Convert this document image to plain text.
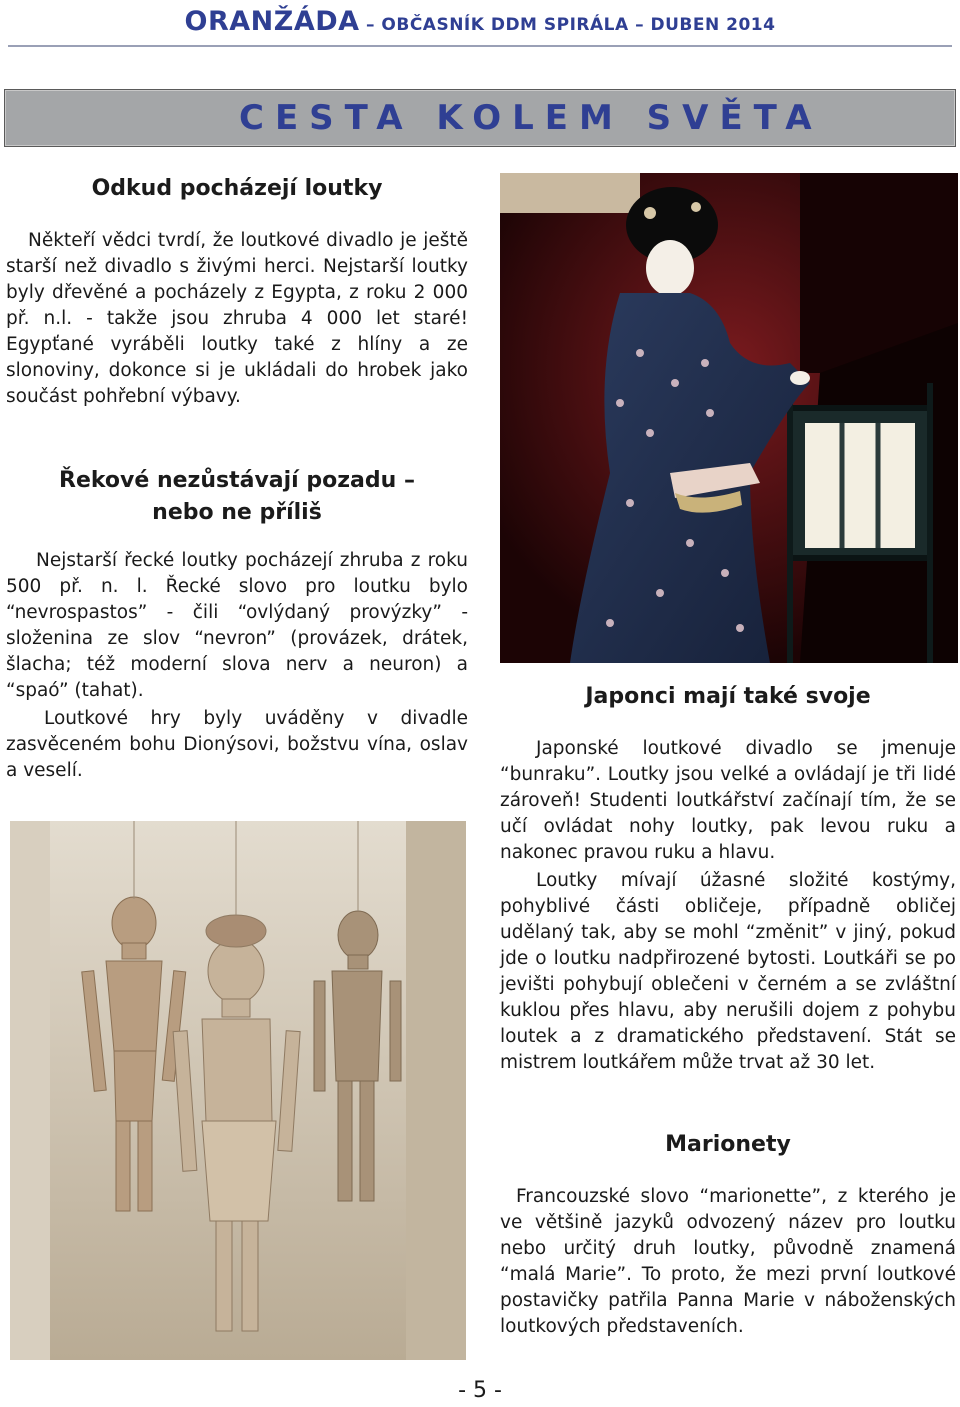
ORANŽÁDA – OBČASNÍK DDM SPIRÁLA – DUBEN 2014
CESTA KOLEM SVĚTA
Odkud pocházejí loutky

Někteří vědci tvrdí, že loutkové divadlo je ještě starší než divadlo s živými herci. Nejstarší loutky byly dřevěné a pocházely z Egypta, z roku 2 000 př. n.l. - takže jsou zhruba 4 000 let staré! Egypťané vyráběli loutky také z hlíny a ze slonoviny, dokonce si je ukládali do hrobek jako součást pohřební výbavy.

Řekové nezůstávají pozadu –
nebo ne příliš

Nejstarší řecké loutky pocházejí zhruba z roku 500 př. n. l. Řecké slovo pro loutku bylo “nevrospastos” - čili “ovlýdaný provýzky” - složenina ze slov “nevron” (provázek, drátek, šlacha; též moderní slova nerv a neuron) a “spaó” (tahat).

Loutkové hry byly uváděny v divadle zasvěceném bohu Dionýsovi, božstvu vína, oslav a veselí.

Japonci mají také svoje

Japonské loutkové divadlo se jmenuje “bunraku”. Loutky jsou velké a ovládají je tři lidé zároveň! Studenti loutkářství začínají tím, že se učí ovládat nohy loutky, pak levou ruku a nakonec pravou ruku a hlavu.

Loutky mívají úžasné složité kostýmy, pohyblivé části obličeje, případně obličej udělaný tak, aby se mohl “změnit” v jiný, pokud jde o loutku nadpřirozené bytosti. Loutkáři se po jevišti pohybují oblečeni v černém a se zvláštní kuklou přes hlavu, aby nerušili dojem z pohybu loutek a z dramatického představení. Stát se mistrem loutkářem může trvat až 30 let.

Marionety

Francouzské slovo “marionette”, z kterého je ve většině jazyků odvozený název pro loutku nebo určitý druh loutky, původně znamená “malá Marie”. To proto, že mezi první loutkové postavičky patřila Panna Marie v náboženských loutkových představeních.

- 5 -
